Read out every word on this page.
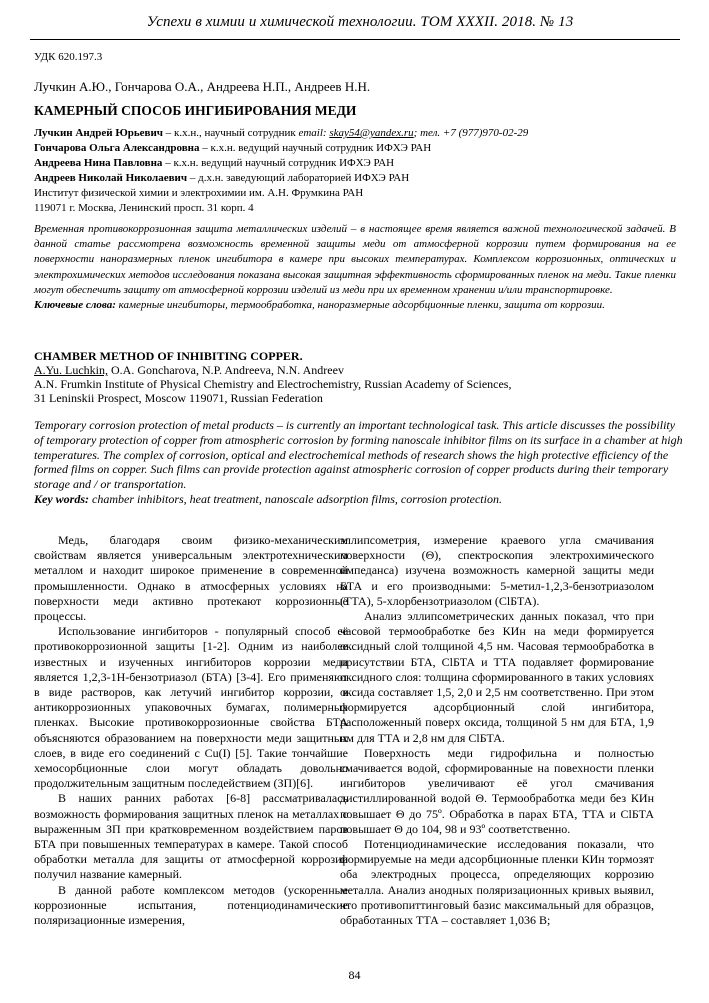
Успехи в химии и химической технологии. ТОМ XXXII. 2018. № 13
УДК 620.197.3
Лучкин А.Ю., Гончарова О.А., Андреева Н.П., Андреев Н.Н.
КАМЕРНЫЙ СПОСОБ ИНГИБИРОВАНИЯ МЕДИ
Лучкин Андрей Юрьевич – к.х.н., научный сотрудник email: skay54@yandex.ru; тел. +7 (977)970-02-29
Гончарова Ольга Александровна – к.х.н. ведущий научный сотрудник ИФХЭ РАН
Андреева Нина Павловна – к.х.н. ведущий научный сотрудник ИФХЭ РАН
Андреев Николай Николаевич – д.х.н. заведующий лабораторией ИФХЭ РАН
Институт физической химии и электрохимии им. А.Н. Фрумкина РАН
119071 г. Москва, Ленинский просп. 31 корп. 4
Временная противокоррозионная защита металлических изделий – в настоящее время является важной технологической задачей. В данной статье рассмотрена возможность временной защиты меди от атмосферной коррозии путем формирования на ее поверхности наноразмерных пленок ингибитора в камере при высоких температурах. Комплексом коррозионных, оптических и электрохимических методов исследования показана высокая защитная эффективность сформированных пленок на меди. Такие пленки могут обеспечить защиту от атмосферной коррозии изделий из меди при их временном хранении и/или транспортировке.
Ключевые слова: камерные ингибиторы, термообработка, наноразмерные адсорбционные пленки, защита от коррозии.
CHAMBER METHOD OF INHIBITING COPPER.
A.Yu. Luchkin, O.A. Goncharova, N.P. Andreeva, N.N. Andreev
A.N. Frumkin Institute of Physical Chemistry and Electrochemistry, Russian Academy of Sciences,
31 Leninskii Prospect, Moscow 119071, Russian Federation
Temporary corrosion protection of metal products – is currently an important technological task. This article discusses the possibility of temporary protection of copper from atmospheric corrosion by forming nanoscale inhibitor films on its surface in a chamber at high temperatures. The complex of corrosion, optical and electrochemical methods of research shows the high protective efficiency of the formed films on copper. Such films can provide protection against atmospheric corrosion of copper products during their temporary storage and / or transportation.
Key words: chamber inhibitors, heat treatment, nanoscale adsorption films, corrosion protection.

Медь, благодаря своим физико-механическим свойствам является универсальным электротехническим металлом и находит широкое применение в современной промышленности. Однако в атмосферных условиях на поверхности меди активно протекают коррозионные процессы.

Использование ингибиторов - популярный способ её противокоррозионной защиты [1-2]. Одним из наиболее известных и изученных ингибиторов коррозии меди является 1,2,3-1Н-бензотриазол (БТА) [3-4]. Его применяют в виде растворов, как летучий ингибитор коррозии, в антикоррозионных упаковочных бумагах, полимерных пленках. Высокие противокоррозионные свойства БТА объясняются образованием на поверхности меди защитных слоев, в виде его соединений с Cu(I) [5]. Такие тончайшие хемосорбционные слои могут обладать довольно продолжительным защитным последействием (ЗП)[6].

В наших ранних работах [6-8] рассматривалась возможность формирования защитных пленок на металлах с выраженным ЗП при кратковременном воздействием паров БТА при повышенных температурах в камере. Такой способ обработки металла для защиты от атмосферной коррозии получил название камерный.

В данной работе комплексом методов (ускоренные коррозионные испытания, потенциодинамические поляризационные измерения,

эллипсометрия, измерение краевого угла смачивания поверхности (Θ), спектроскопия электрохимического импеданса) изучена возможность камерной защиты меди БТА и его производными: 5-метил-1,2,3-бензотриазолом (ТТА), 5-хлорбензотриазолом (ClБТА).

Анализ эллипсометрических данных показал, что при часовой термообработке без КИн на меди формируется оксидный слой толщиной 4,5 нм. Часовая термообработка в присутствии БТА, ClБТА и ТТА подавляет формирование оксидного слоя: толщина сформированного в таких условиях оксида составляет 1,5, 2,0 и 2,5 нм соответственно. При этом формируется адсорбционный слой ингибитора, расположенный поверх оксида, толщиной 5 нм для БТА, 1,9 нм для ТТА и 2,8 нм для ClБТА.

Поверхность меди гидрофильна и полностью смачивается водой, сформированные на повехности пленки ингибиторов увеличивают её угол смачивания дистиллированной водой Θ. Термообработка меди без КИн повышает Θ до 75º. Обработка в парах БТА, ТТА и ClБТА повышает Θ до 104, 98 и 93º соответственно.

Потенциодинамические исследования показали, что формируемые на меди адсорбционные пленки КИн тормозят оба электродных процесса, определяющих коррозию металла. Анализ анодных поляризационных кривых выявил, что противопиттинговый базис максимальный для образцов, обработанных ТТА – составляет 1,036 В;

84
